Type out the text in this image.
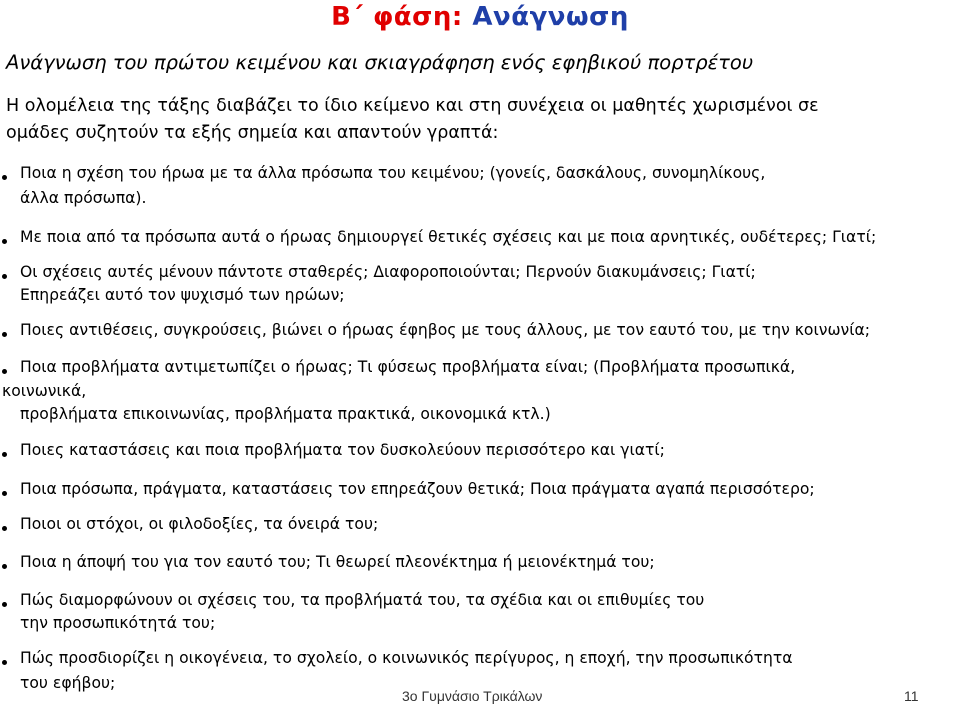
Β΄ φάση: Ανάγνωση
Ανάγνωση του πρώτου κειμένου και σκιαγράφηση ενός εφηβικού πορτρέτου
Η ολομέλεια της τάξης διαβάζει το ίδιο κείμενο και στη συνέχεια οι μαθητές χωρισμένοι σε
ομάδες συζητούν τα εξής σημεία και απαντούν γραπτά:
Ποια η σχέση του ήρωα με τα άλλα πρόσωπα του κειμένου; (γονείς, δασκάλους, συνομηλίκους,
άλλα πρόσωπα).
Με ποια από τα πρόσωπα αυτά ο ήρωας δημιουργεί θετικές σχέσεις και με ποια αρνητικές, ουδέτερες; Γιατί;
Οι σχέσεις αυτές μένουν πάντοτε σταθερές; Διαφοροποιούνται; Περνούν διακυμάνσεις; Γιατί;
Επηρεάζει αυτό τον ψυχισμό των ηρώων;
Ποιες αντιθέσεις, συγκρούσεις, βιώνει ο ήρωας έφηβος με τους άλλους, με τον εαυτό του, με την κοινωνία;
Ποια προβλήματα αντιμετωπίζει ο ήρωας; Τι φύσεως προβλήματα είναι; (Προβλήματα προσωπικά,
κοινωνικά,
προβλήματα επικοινωνίας, προβλήματα πρακτικά, οικονομικά κτλ.)
Ποιες καταστάσεις και ποια προβλήματα τον δυσκολεύουν περισσότερο και γιατί;
Ποια πρόσωπα, πράγματα, καταστάσεις τον επηρεάζουν θετικά; Ποια πράγματα αγαπά περισσότερο;
Ποιοι οι στόχοι, οι φιλοδοξίες, τα όνειρά του;
Ποια η άποψή του για τον εαυτό του; Τι θεωρεί πλεονέκτημα ή μειονέκτημά του;
Πώς διαμορφώνουν οι σχέσεις του, τα προβλήματά του, τα σχέδια και οι επιθυμίες του
την προσωπικότητά του;
Πώς προσδιορίζει η οικογένεια, το σχολείο, ο κοινωνικός περίγυρος, η εποχή, την προσωπικότητα
του εφήβου;
3ο Γυμνάσιο Τρικάλων	11
